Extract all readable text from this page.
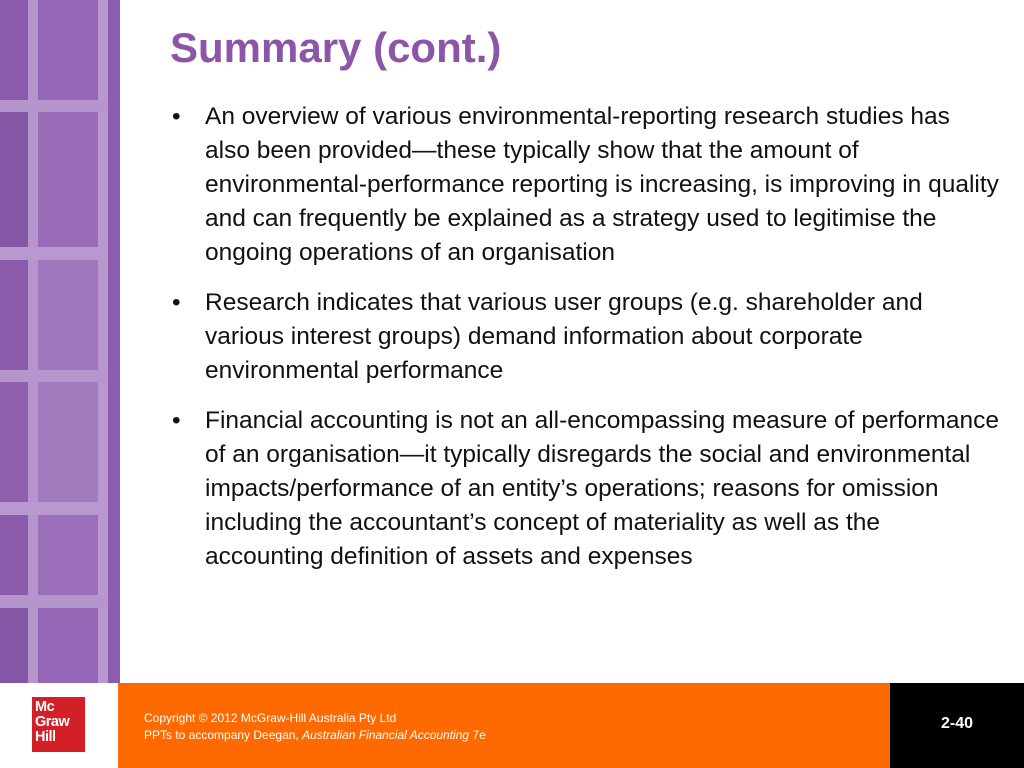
Summary (cont.)
• An overview of various environmental-reporting research studies has also been provided—these typically show that the amount of environmental-performance reporting is increasing, is improving in quality and can frequently be explained as a strategy used to legitimise the ongoing operations of an organisation
• Research indicates that various user groups (e.g. shareholder and various interest groups) demand information about corporate environmental performance
• Financial accounting is not an all-encompassing measure of performance of an organisation—it typically disregards the social and environmental impacts/performance of an entity’s operations; reasons for omission including the accountant’s concept of materiality as well as the accounting definition of assets and expenses
Mc
Graw
Hill
Copyright © 2012 McGraw-Hill Australia Pty Ltd
PPTs to accompany Deegan, Australian Financial Accounting 7e
2-40
